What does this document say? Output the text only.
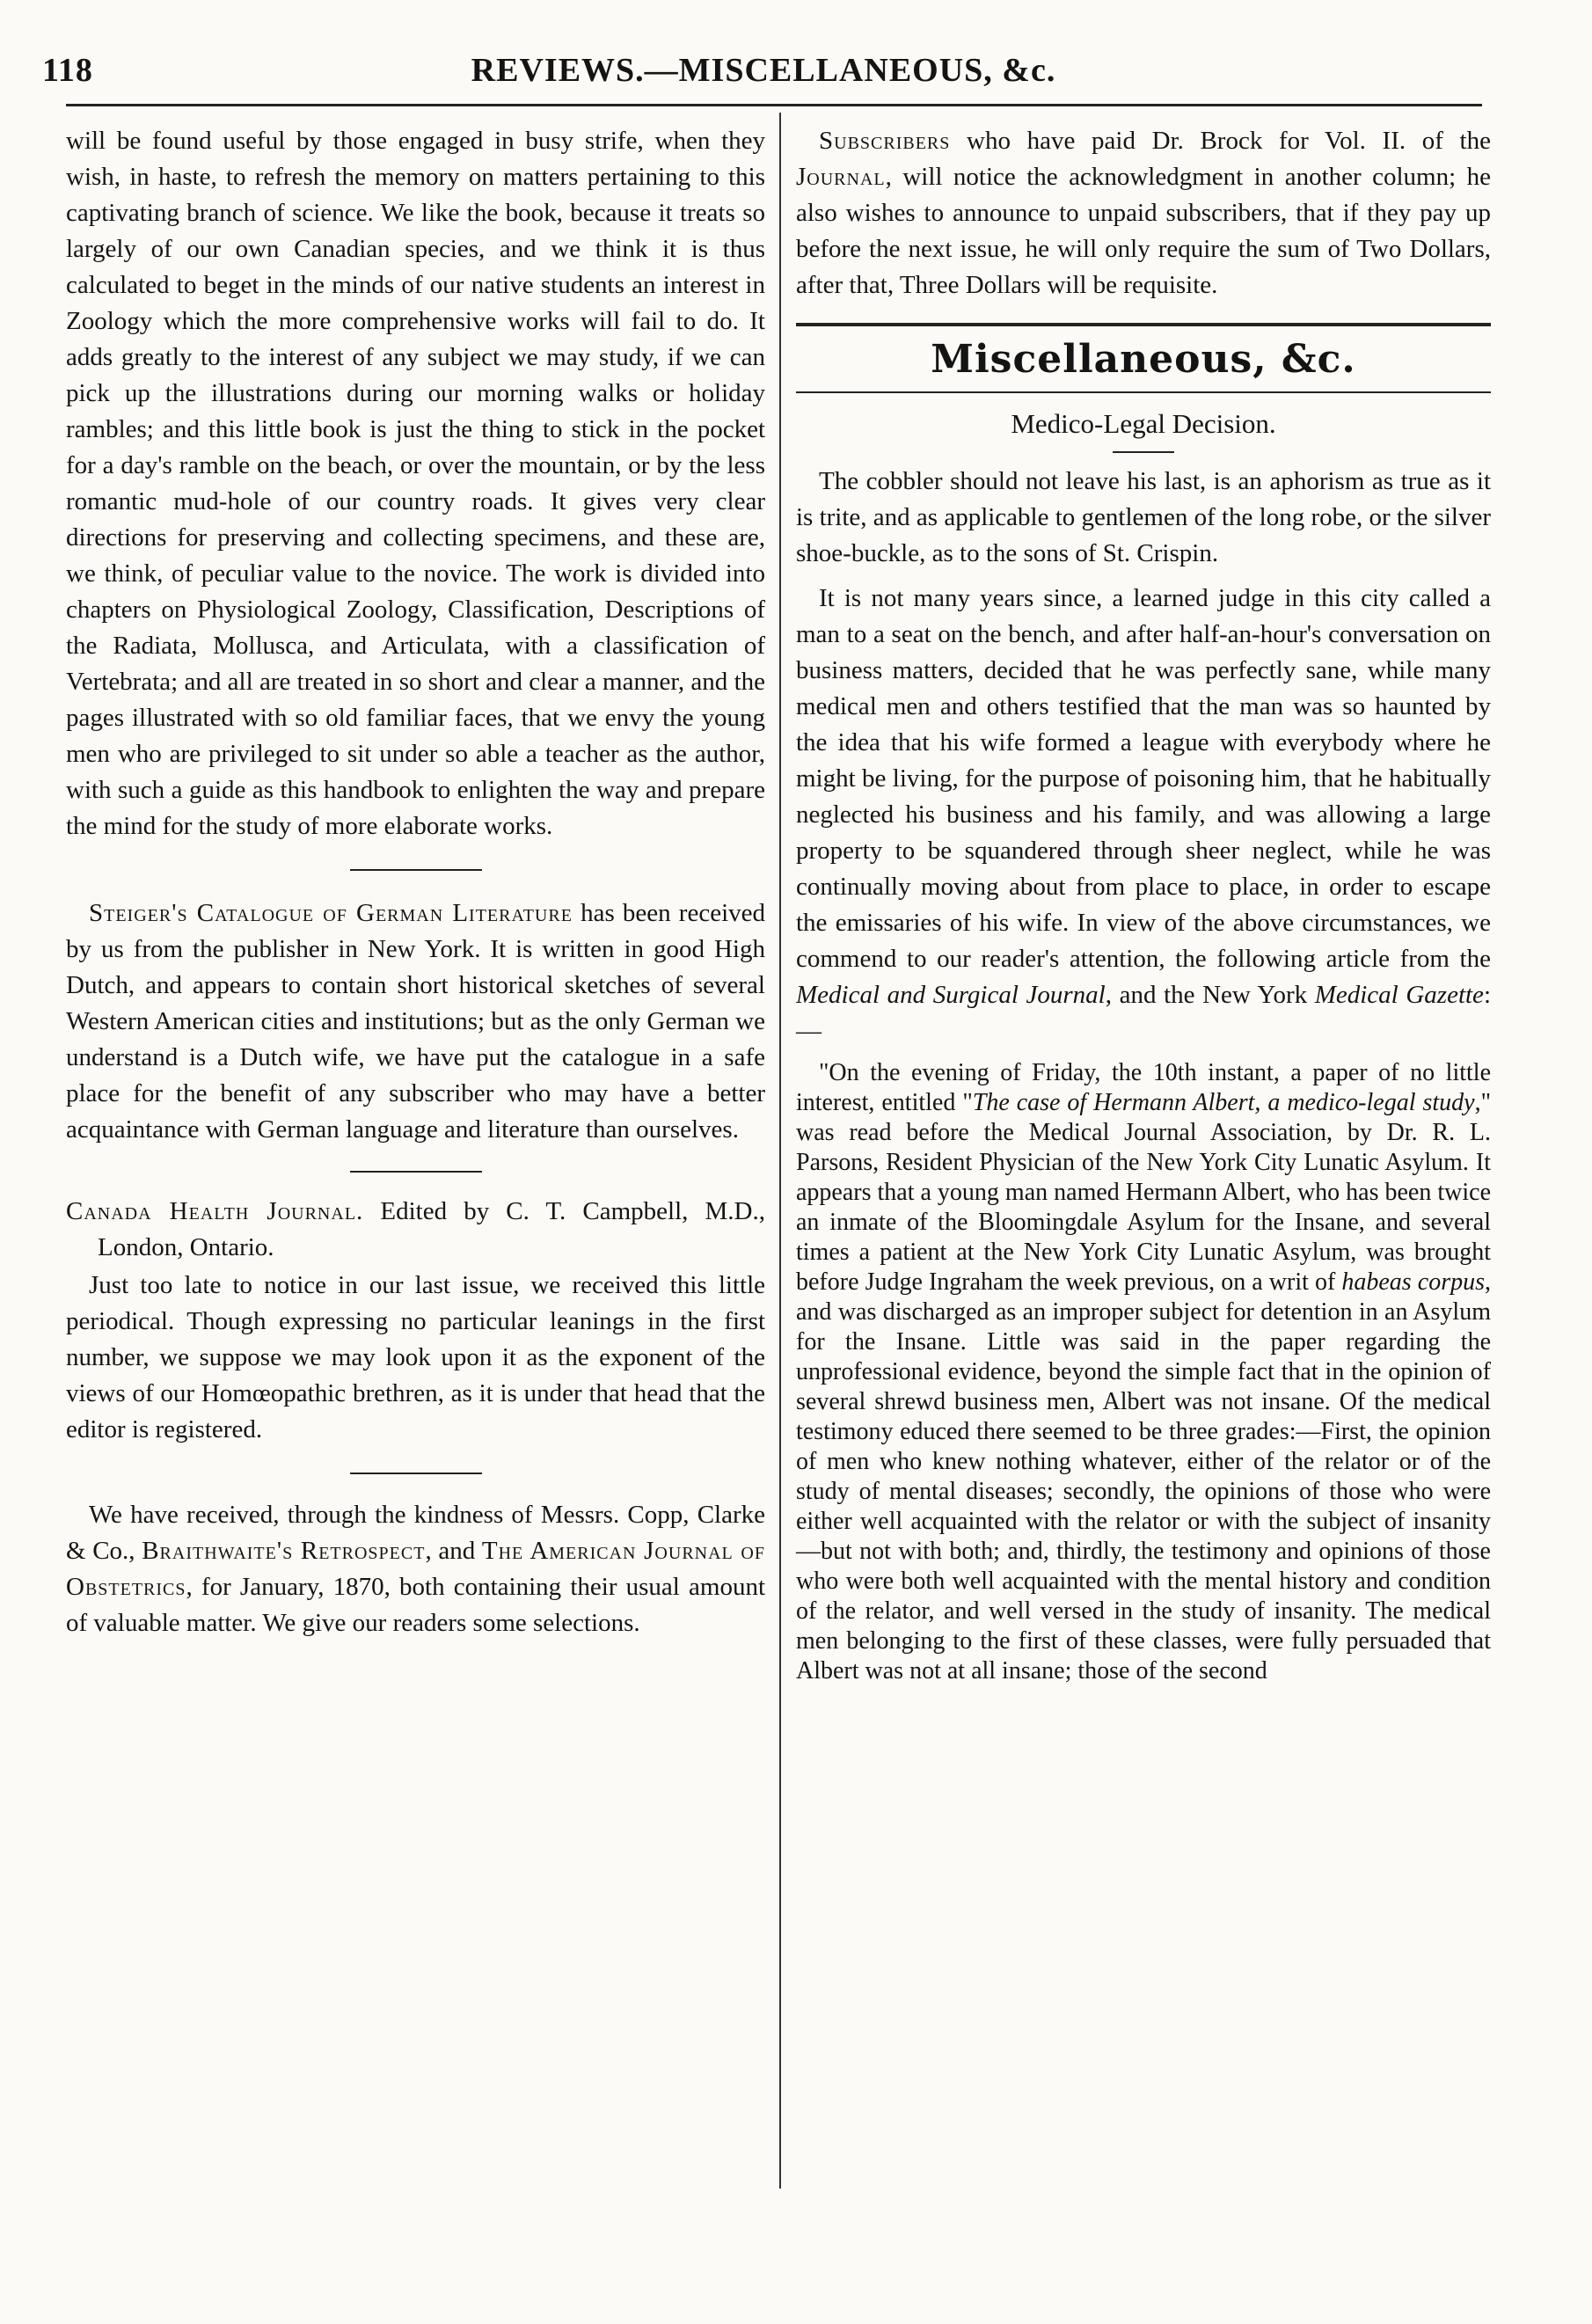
118	REVIEWS.—MISCELLANEOUS, &c.

will be found useful by those engaged in busy strife, when they wish, in haste, to refresh the memory on matters pertaining to this captivating branch of science. We like the book, because it treats so largely of our own Canadian species, and we think it is thus calculated to beget in the minds of our native students an interest in Zoology which the more comprehensive works will fail to do. It adds greatly to the interest of any subject we may study, if we can pick up the illustrations during our morning walks or holiday rambles; and this little book is just the thing to stick in the pocket for a day's ramble on the beach, or over the mountain, or by the less romantic mud-hole of our country roads. It gives very clear directions for preserving and collecting specimens, and these are, we think, of peculiar value to the novice. The work is divided into chapters on Physiological Zoology, Classification, Descriptions of the Radiata, Mollusca, and Articulata, with a classification of Vertebrata; and all are treated in so short and clear a manner, and the pages illustrated with so old familiar faces, that we envy the young men who are privileged to sit under so able a teacher as the author, with such a guide as this handbook to enlighten the way and prepare the mind for the study of more elaborate works.

Steiger's Catalogue of German Literature has been received by us from the publisher in New York. It is written in good High Dutch, and appears to contain short historical sketches of several Western American cities and institutions; but as the only German we understand is a Dutch wife, we have put the catalogue in a safe place for the benefit of any subscriber who may have a better acquaintance with German language and literature than ourselves.

Canada Health Journal. Edited by C. T. Campbell, M.D., London, Ontario.

Just too late to notice in our last issue, we received this little periodical. Though expressing no particular leanings in the first number, we suppose we may look upon it as the exponent of the views of our Homœopathic brethren, as it is under that head that the editor is registered.

We have received, through the kindness of Messrs. Copp, Clarke & Co., Braithwaite's Retrospect, and The American Journal of Obstetrics, for January, 1870, both containing their usual amount of valuable matter. We give our readers some selections.

Subscribers who have paid Dr. Brock for Vol. II. of the Journal, will notice the acknowledgment in another column; he also wishes to announce to unpaid subscribers, that if they pay up before the next issue, he will only require the sum of Two Dollars, after that, Three Dollars will be requisite.

Miscellaneous, &c.
Medico-Legal Decision.

The cobbler should not leave his last, is an aphorism as true as it is trite, and as applicable to gentlemen of the long robe, or the silver shoe-buckle, as to the sons of St. Crispin.

It is not many years since, a learned judge in this city called a man to a seat on the bench, and after half-an-hour's conversation on business matters, decided that he was perfectly sane, while many medical men and others testified that the man was so haunted by the idea that his wife formed a league with everybody where he might be living, for the purpose of poisoning him, that he habitually neglected his business and his family, and was allowing a large property to be squandered through sheer neglect, while he was continually moving about from place to place, in order to escape the emissaries of his wife. In view of the above circumstances, we commend to our reader's attention, the following article from the Medical and Surgical Journal, and the New York Medical Gazette:—

"On the evening of Friday, the 10th instant, a paper of no little interest, entitled "The case of Hermann Albert, a medico-legal study," was read before the Medical Journal Association, by Dr. R. L. Parsons, Resident Physician of the New York City Lunatic Asylum. It appears that a young man named Hermann Albert, who has been twice an inmate of the Bloomingdale Asylum for the Insane, and several times a patient at the New York City Lunatic Asylum, was brought before Judge Ingraham the week previous, on a writ of habeas corpus, and was discharged as an improper subject for detention in an Asylum for the Insane. Little was said in the paper regarding the unprofessional evidence, beyond the simple fact that in the opinion of several shrewd business men, Albert was not insane. Of the medical testimony educed there seemed to be three grades:—First, the opinion of men who knew nothing whatever, either of the relator or of the study of mental diseases; secondly, the opinions of those who were either well acquainted with the relator or with the subject of insanity—but not with both; and, thirdly, the testimony and opinions of those who were both well acquainted with the mental history and condition of the relator, and well versed in the study of insanity. The medical men belonging to the first of these classes, were fully persuaded that Albert was not at all insane; those of the second
